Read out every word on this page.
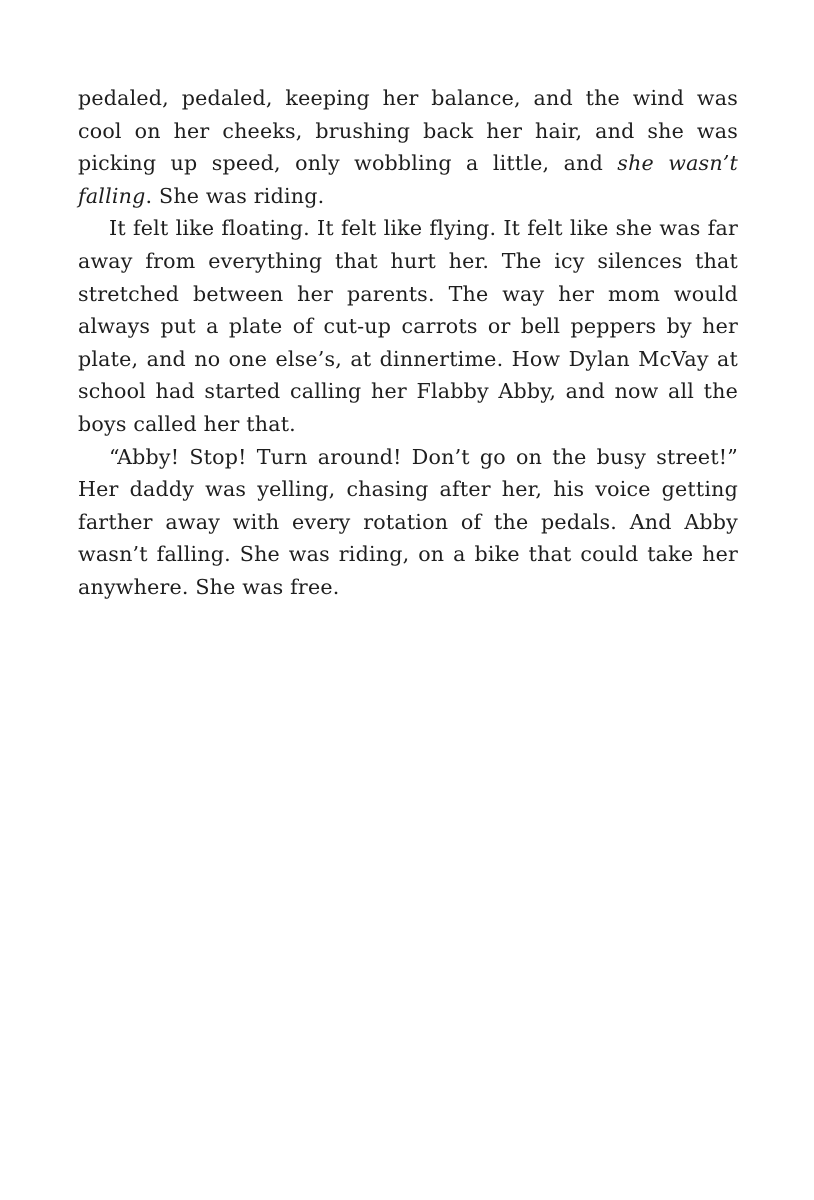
pedaled, pedaled, keeping her balance, and the wind was cool on her cheeks, brushing back her hair, and she was picking up speed, only wobbling a little, and she wasn’t falling. She was riding.

It felt like floating. It felt like flying. It felt like she was far away from everything that hurt her. The icy silences that stretched between her parents. The way her mom would always put a plate of cut-up carrots or bell peppers by her plate, and no one else’s, at dinnertime. How Dylan McVay at school had started calling her Flabby Abby, and now all the boys called her that.

“Abby! Stop! Turn around! Don’t go on the busy street!” Her daddy was yelling, chasing after her, his voice getting farther away with every rotation of the pedals. And Abby wasn’t falling. She was riding, on a bike that could take her anywhere. She was free.
